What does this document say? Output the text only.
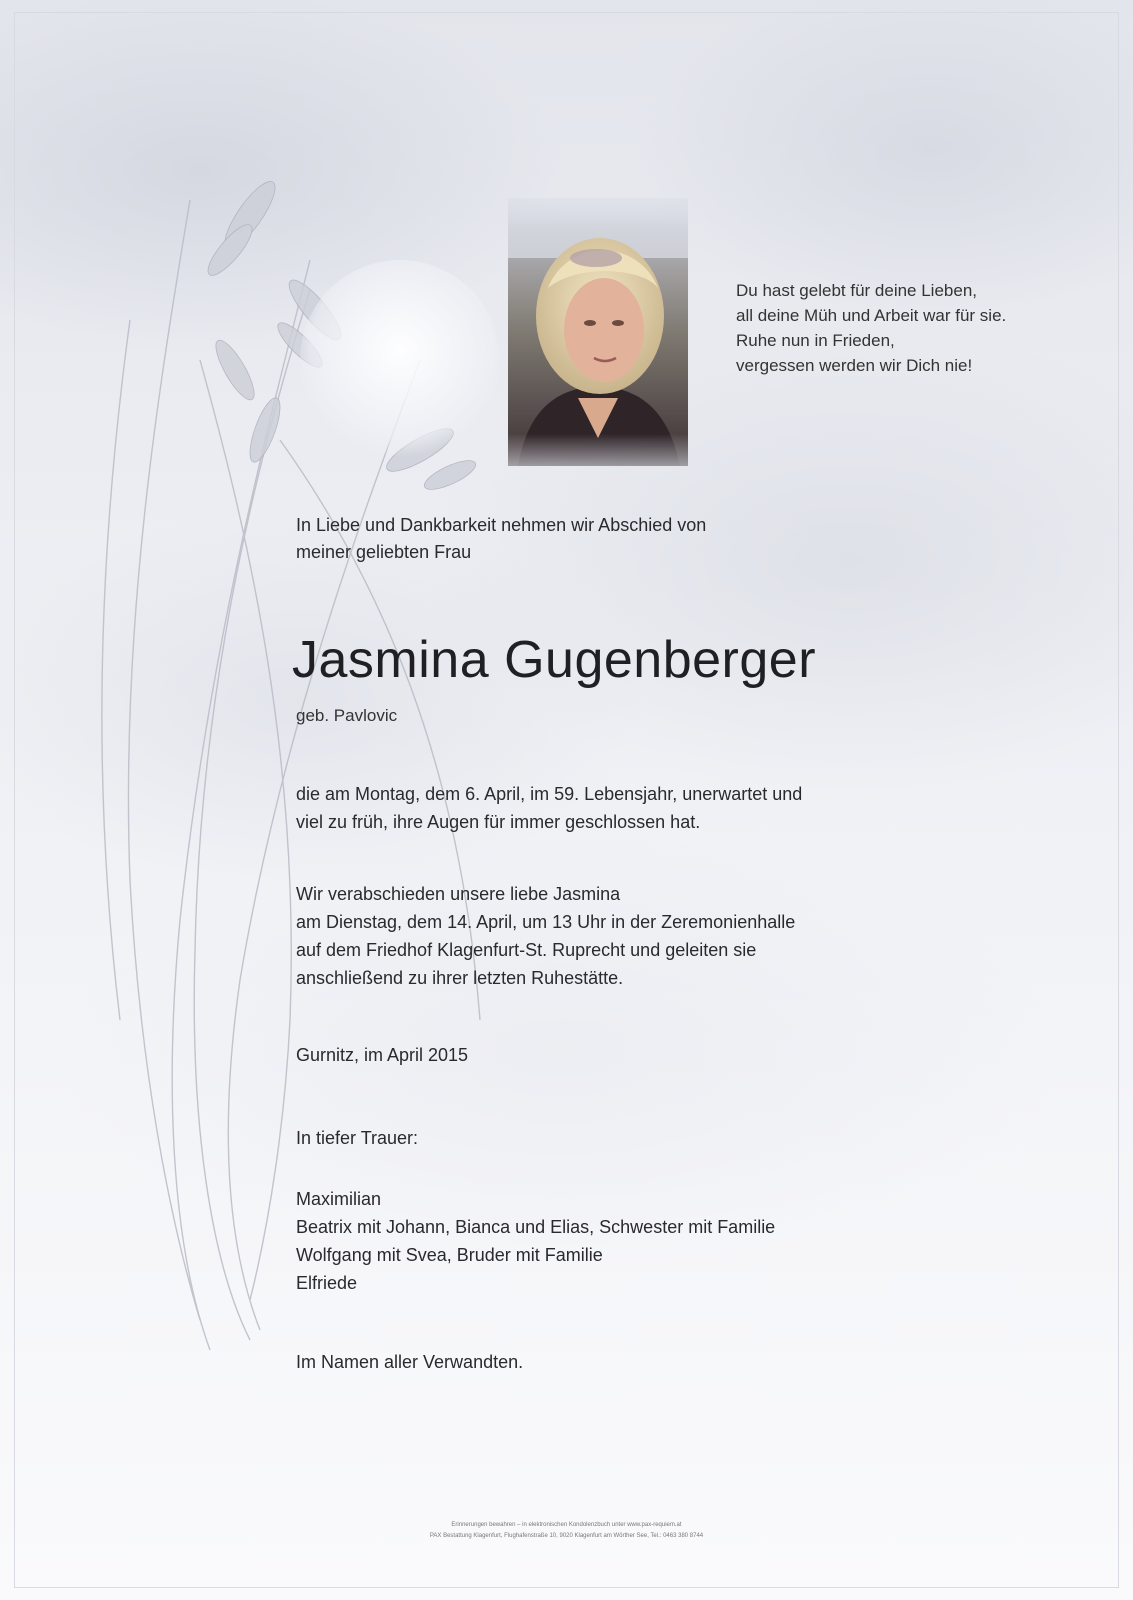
Du hast gelebt für deine Lieben,
all deine Müh und Arbeit war für sie.
Ruhe nun in Frieden,
vergessen werden wir Dich nie!
In Liebe und Dankbarkeit nehmen wir Abschied von
meiner geliebten Frau
Jasmina Gugenberger
geb. Pavlovic
die am Montag, dem 6. April, im 59. Lebensjahr, unerwartet und
viel zu früh, ihre Augen für immer geschlossen hat.
Wir verabschieden unsere liebe Jasmina
am Dienstag, dem 14. April, um 13 Uhr in der Zeremonienhalle
auf dem Friedhof Klagenfurt-St. Ruprecht und geleiten sie
anschließend zu ihrer letzten Ruhestätte.
Gurnitz, im April 2015
In tiefer Trauer:
Maximilian
Beatrix mit Johann, Bianca und Elias, Schwester mit Familie
Wolfgang mit Svea, Bruder mit Familie
Elfriede
Im Namen aller Verwandten.
Erinnerungen bewahren – in elektronischen Kondolenzbuch unter www.pax-requiem.at
PAX Bestattung Klagenfurt, Flughafenstraße 10, 9020 Klagenfurt am Wörther See, Tel.: 0463 380 8744
